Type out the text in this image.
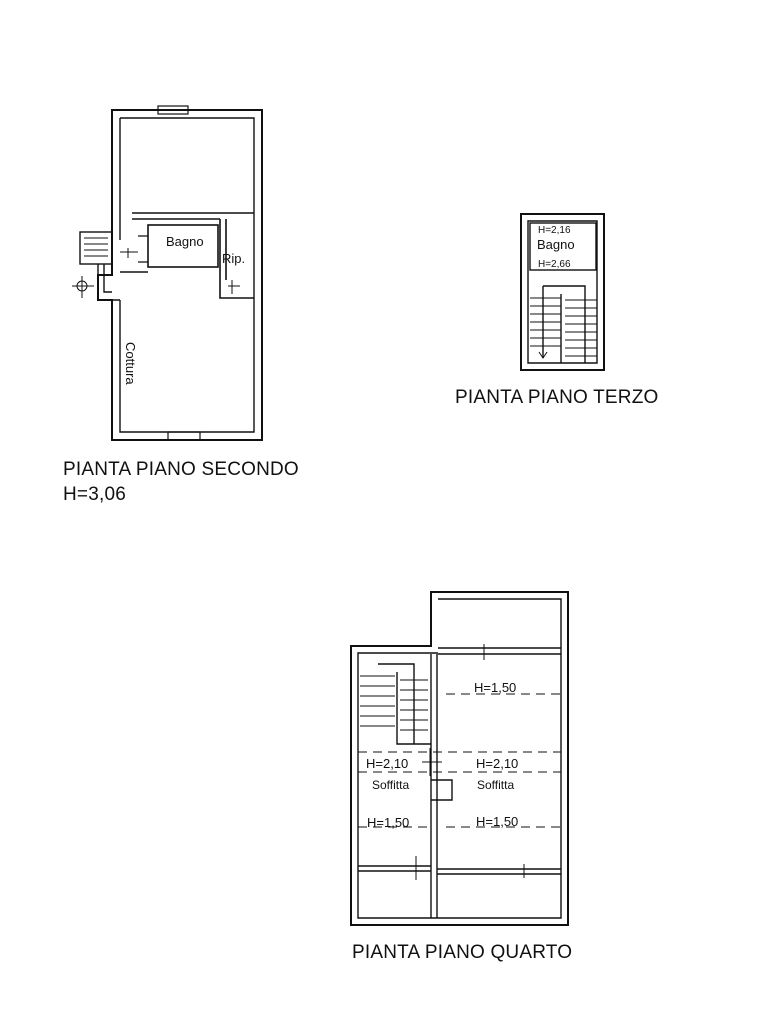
Bagno
Rip.
Cottura
PIANTA PIANO SECONDO
H=3,06
H=2,16
Bagno
H=2,66
PIANTA PIANO TERZO
H=1,50
H=2,10	H=2,10
Soffitta	Soffitta
H=1,50	H=1,50
PIANTA PIANO QUARTO
